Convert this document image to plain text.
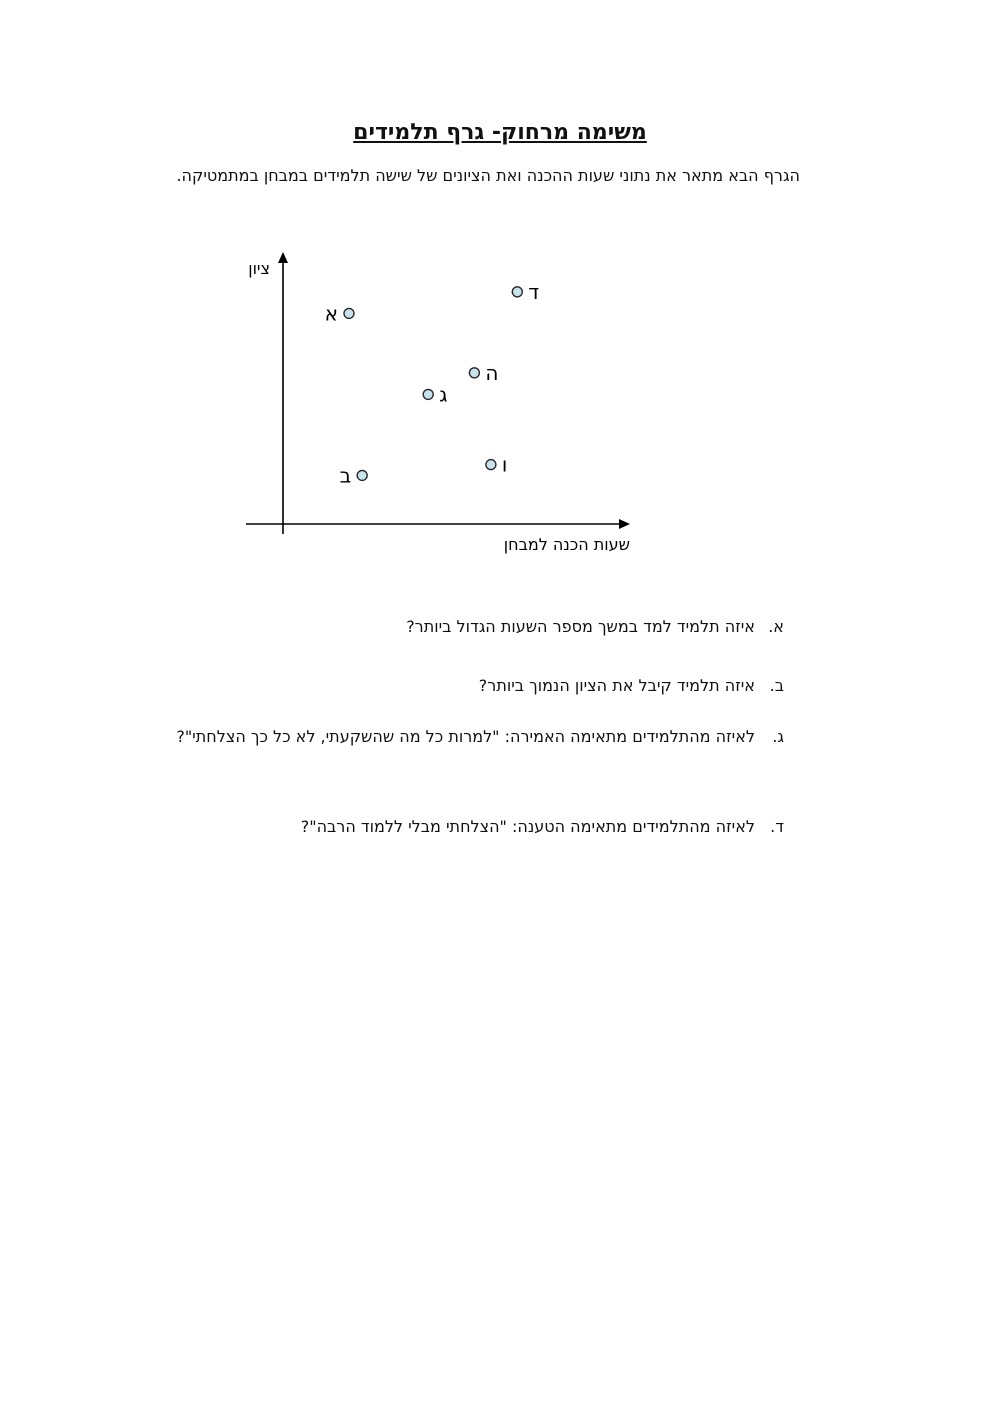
משימה מרחוק- גרף תלמידים

הגרף הבא מתאר את נתוני שעות ההכנה ואת הציונים של שישה תלמידים במבחן במתמטיקה.

שעות הכנה למבחן
ציון
א
ב
ג
ד
ה
ו
א.
איזה תלמיד למד במשך מספר השעות הגדול ביותר?
ב.
איזה תלמיד קיבל את הציון הנמוך ביותר?
ג.
לאיזה מהתלמידים מתאימה האמירה: "למרות כל מה שהשקעתי, לא כל כך הצלחתי"?
ד.
לאיזה מהתלמידים מתאימה הטענה: "הצלחתי מבלי ללמוד הרבה"?
